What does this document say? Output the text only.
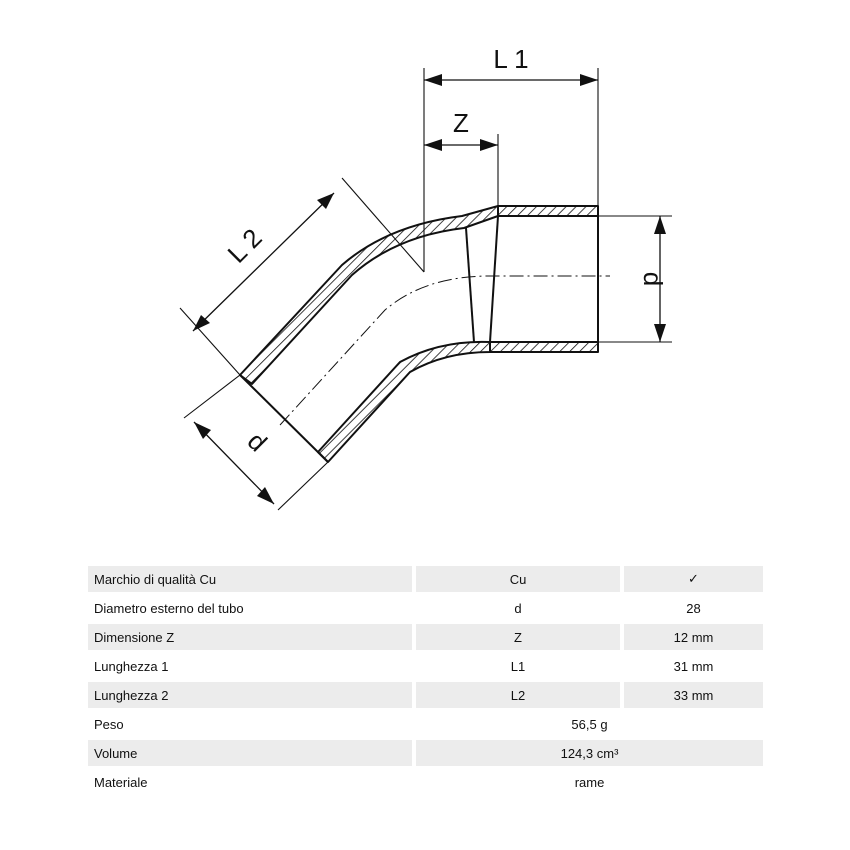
L 1
Z
d
L 2
d
Marchio di qualità Cu	Cu	✓
Diametro esterno del tubo	d	28
Dimensione Z	Z	12 mm
Lunghezza 1	L1	31 mm
Lunghezza 2	L2	33 mm
Peso	56,5 g	
Volume	124,3 cm³	
Materiale	rame	
